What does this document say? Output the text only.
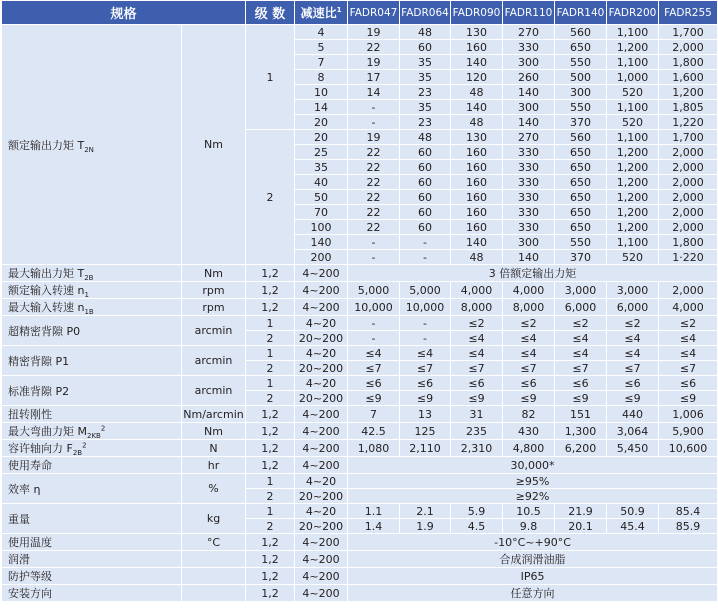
规格		级 数	减速比$^1$	FADR047	FADR064	FADR090	FADR110	FADR140	FADR200	FADR255
额定输出力矩 $T_{2N}$	Nm	1	4	19	48	130	270	560	1,100	1,700
			5	22	60	160	330	650	1,200	2,000
			7	19	35	140	300	550	1,100	1,800
			8	17	35	120	260	500	1,000	1,600
			10	14	23	48	140	300	520	1,200
			14	-	35	140	300	550	1,100	1,805
			20	-	23	48	140	370	520	1,220
		2	20	19	48	130	270	560	1,100	1,700
			25	22	60	160	330	650	1,200	2,000
			35	22	60	160	330	650	1,200	2,000
			40	22	60	160	330	650	1,200	2,000
			50	22	60	160	330	650	1,200	2,000
			70	22	60	160	330	650	1,200	2,000
			100	22	60	160	330	650	1,200	2,000
			140	-	-	140	300	550	1,100	1,800
			200	-	-	48	140	370	520	1·220
最大输出力矩 $T_{2B}$	Nm	1,2	4~200	3 倍额定输出力矩						
额定输入转速 $n_1$	rpm	1,2	4~200	5,000	5,000	4,000	4,000	3,000	3,000	2,000
最大输入转速 $n_{1B}$	rpm	1,2	4~200	10,000	10,000	8,000	8,000	6,000	6,000	4,000
超精密背隙 P0	arcmin	1	4~20	-	-	≤2	≤2	≤2	≤2	≤2
		2	20~200	-	-	≤4	≤4	≤4	≤4	≤4
精密背隙 P1	arcmin	1	4~20	≤4	≤4	≤4	≤4	≤4	≤4	≤4
		2	20~200	≤7	≤7	≤7	≤7	≤7	≤7	≤7
标准背隙 P2	arcmin	1	4~20	≤6	≤6	≤6	≤6	≤6	≤6	≤6
		2	20~200	≤9	≤9	≤9	≤9	≤9	≤9	≤9
扭转刚性	Nm/arcmin	1,2	4~200	7	13	31	82	151	440	1,006
最大弯曲力矩 $M_{2KB}^2$	Nm	1,2	4~200	42.5	125	235	430	1,300	3,064	5,900
容许轴向力 $F_{2B}^2$	N	1,2	4~200	1,080	2,110	2,310	4,800	6,200	5,450	10,600
使用寿命	hr	1,2	4~200	30,000*						
效率 η	%	1	4~20	≥95%						
		2	20~200	≥92%						
重量	kg	1	4~20	1.1	2.1	5.9	10.5	21.9	50.9	85.4
		2	20~200	1.4	1.9	4.5	9.8	20.1	45.4	85.9
使用温度	°C	1,2	4~200	-10°C~+90°C						
润滑		1,2	4~200	合成润滑油脂						
防护等级		1,2	4~200	IP65						
安装方向		1,2	4~200	任意方向						
